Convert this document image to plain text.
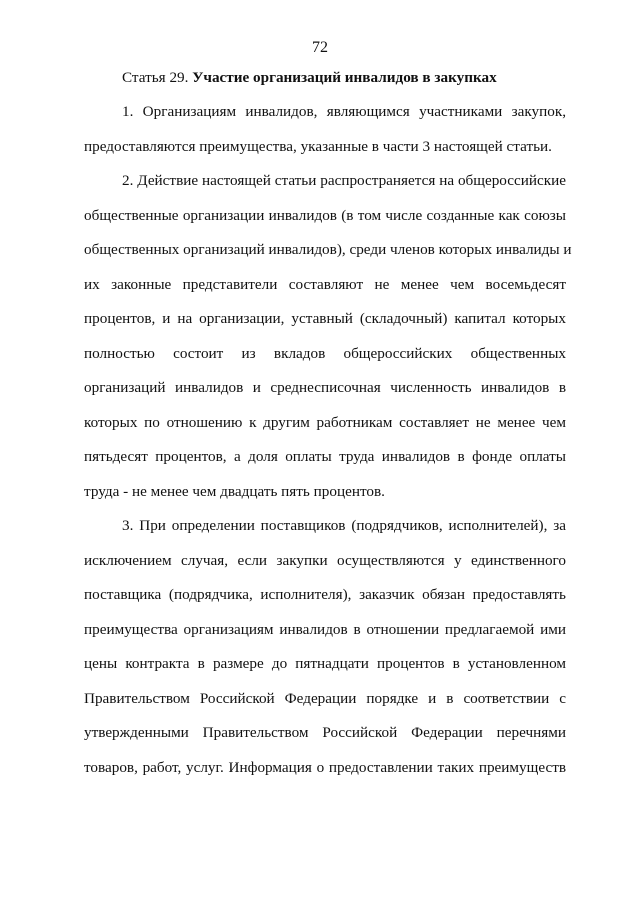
72
Статья 29. Участие организаций инвалидов в закупках
1. Организациям инвалидов, являющимся участниками закупок,
предоставляются преимущества, указанные в части 3 настоящей статьи.
2. Действие настоящей статьи распространяется на общероссийские
общественные организации инвалидов (в том числе созданные как союзы
общественных организаций инвалидов), среди членов которых инвалиды и
их законные представители составляют не менее чем восемьдесят
процентов, и на организации, уставный (складочный) капитал которых
полностью состоит из вкладов общероссийских общественных
организаций инвалидов и среднесписочная численность инвалидов в
которых по отношению к другим работникам составляет не менее чем
пятьдесят процентов, а доля оплаты труда инвалидов в фонде оплаты
труда - не менее чем двадцать пять процентов.
3. При определении поставщиков (подрядчиков, исполнителей), за
исключением случая, если закупки осуществляются у единственного
поставщика (подрядчика, исполнителя), заказчик обязан предоставлять
преимущества организациям инвалидов в отношении предлагаемой ими
цены контракта в размере до пятнадцати процентов в установленном
Правительством Российской Федерации порядке и в соответствии с
утвержденными Правительством Российской Федерации перечнями
товаров, работ, услуг. Информация о предоставлении таких преимуществ
